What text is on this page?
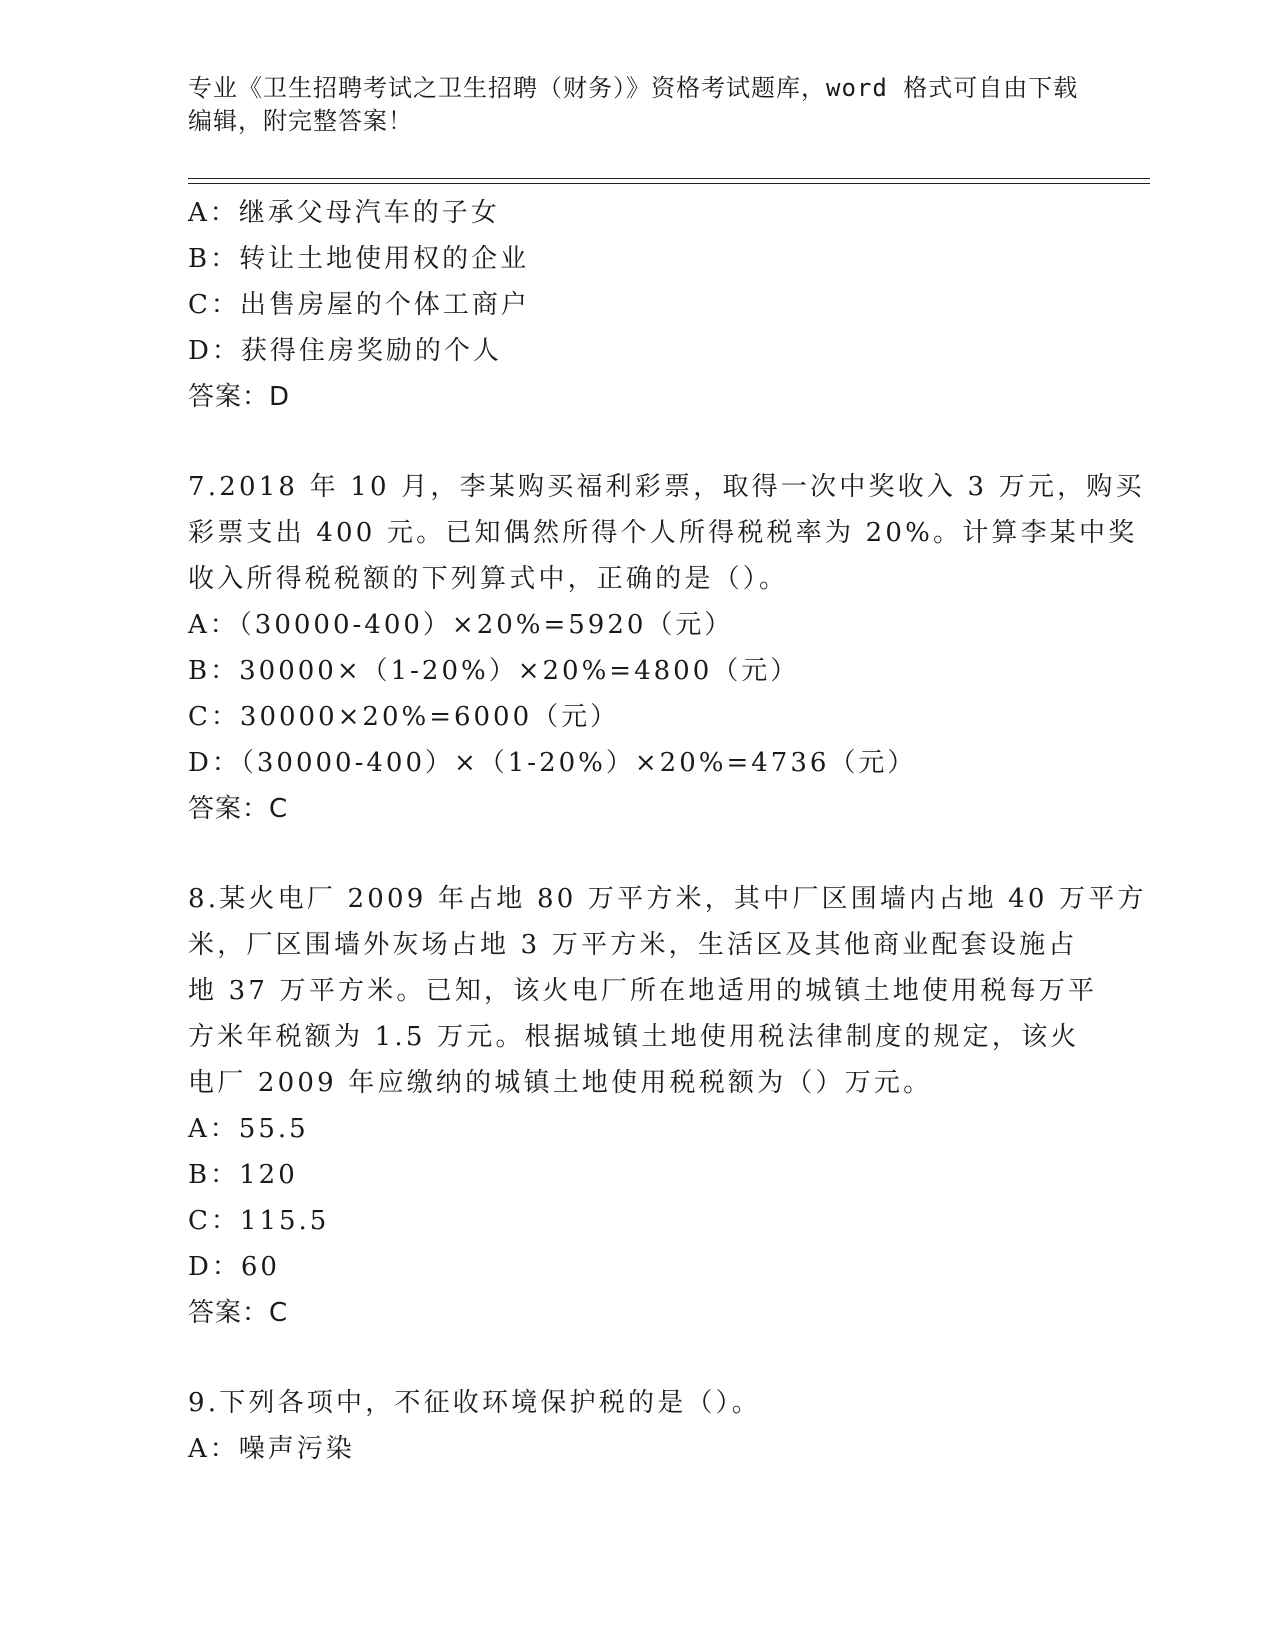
专业《卫生招聘考试之卫生招聘（财务）》资格考试题库，word 格式可自由下载
编辑，附完整答案！
A：继承父母汽车的子女
B：转让土地使用权的企业
C：出售房屋的个体工商户
D：获得住房奖励的个人
答案：D
7.2018 年 10 月，李某购买福利彩票，取得一次中奖收入 3 万元，购买
彩票支出 400 元。已知偶然所得个人所得税税率为 20%。计算李某中奖
收入所得税税额的下列算式中，正确的是（）。
A：（30000-400）×20%=5920（元）
B：30000×（1-20%）×20%=4800（元）
C：30000×20%=6000（元）
D：（30000-400）×（1-20%）×20%=4736（元）
答案：C
8.某火电厂 2009 年占地 80 万平方米，其中厂区围墙内占地 40 万平方
米，厂区围墙外灰场占地 3 万平方米，生活区及其他商业配套设施占
地 37 万平方米。已知，该火电厂所在地适用的城镇土地使用税每万平
方米年税额为 1.5 万元。根据城镇土地使用税法律制度的规定，该火
电厂 2009 年应缴纳的城镇土地使用税税额为（）万元。
A：55.5
B：120
C：115.5
D：60
答案：C
9.下列各项中，不征收环境保护税的是（）。
A：噪声污染
